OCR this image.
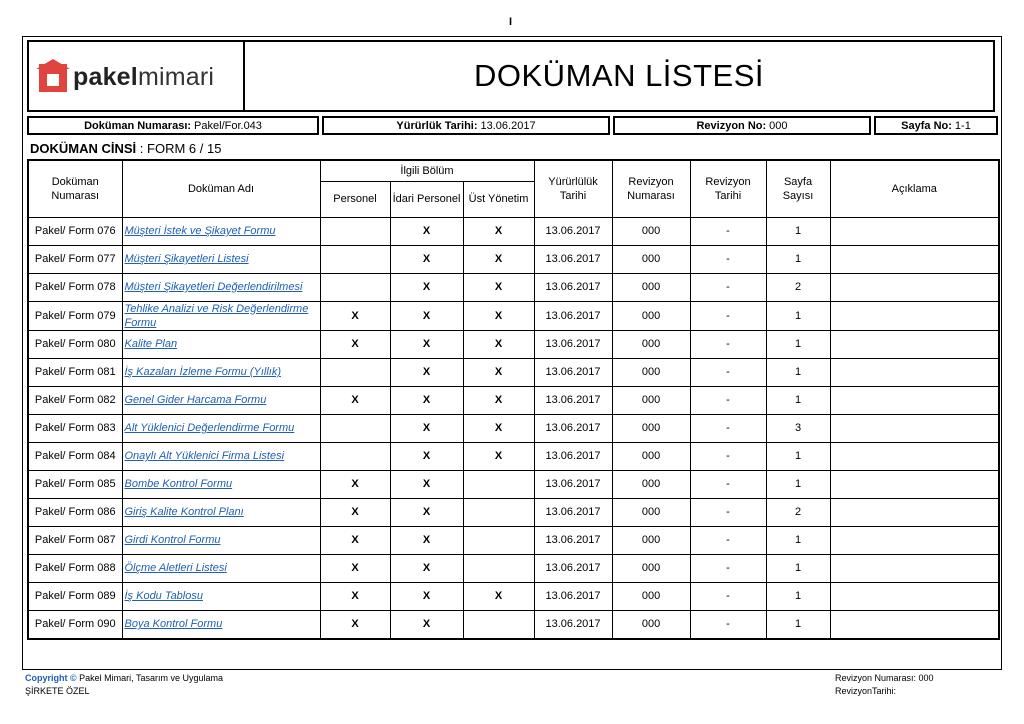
I
pakelmimari	DOKÜMAN LİSTESİ
Doküman Numarası: Pakel/For.043	Yürürlük Tarihi: 13.06.2017	Revizyon No: 000	Sayfa No: 1-1
DOKÜMAN CİNSİ : FORM 6 / 15
Doküman Numarası	Doküman Adı	İlgili Bölüm			Yürürlülük Tarihi	Revizyon Numarası	Revizyon Tarihi	Sayfa Sayısı	Açıklama
		Personel	İdari Personel	Üst Yönetim					
Pakel/ Form 076	Müşteri İstek ve Şikayet Formu		X	X	13.06.2017	000	-	1	
Pakel/ Form 077	Müşteri Şikayetleri Listesi		X	X	13.06.2017	000	-	1	
Pakel/ Form 078	Müşteri Şikayetleri Değerlendirilmesi		X	X	13.06.2017	000	-	2	
Pakel/ Form 079	Tehlike Analizi ve Risk Değerlendirme Formu	X	X	X	13.06.2017	000	-	1	
Pakel/ Form 080	Kalite Plan	X	X	X	13.06.2017	000	-	1	
Pakel/ Form 081	İş Kazaları İzleme Formu (Yıllık)		X	X	13.06.2017	000	-	1	
Pakel/ Form 082	Genel Gider Harcama Formu	X	X	X	13.06.2017	000	-	1	
Pakel/ Form 083	Alt Yüklenici Değerlendirme Formu		X	X	13.06.2017	000	-	3	
Pakel/ Form 084	Onaylı Alt Yüklenici Firma Listesi		X	X	13.06.2017	000	-	1	
Pakel/ Form 085	Bombe Kontrol Formu	X	X		13.06.2017	000	-	1	
Pakel/ Form 086	Giriş Kalite Kontrol Planı	X	X		13.06.2017	000	-	2	
Pakel/ Form 087	Girdi Kontrol Formu	X	X		13.06.2017	000	-	1	
Pakel/ Form 088	Ölçme Aletleri Listesi	X	X		13.06.2017	000	-	1	
Pakel/ Form 089	İş Kodu Tablosu	X	X	X	13.06.2017	000	-	1	
Pakel/ Form 090	Boya Kontrol Formu	X	X		13.06.2017	000	-	1	
Copyright © Pakel Mimari, Tasarım ve Uygulama
ŞİRKETE ÖZEL
Revizyon Numarası: 000
RevizyonTarihi:
